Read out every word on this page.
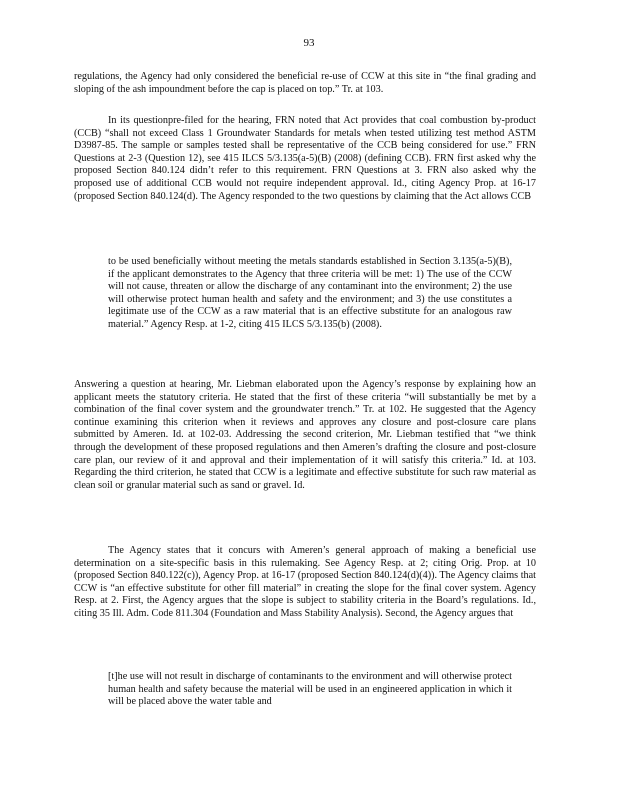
93

regulations, the Agency had only considered the beneficial re-use of CCW at this site in “the final grading and sloping of the ash impoundment before the cap is placed on top.” Tr. at 103.

In its questionpre-filed for the hearing, FRN noted that Act provides that coal combustion by-product (CCB) “shall not exceed Class 1 Groundwater Standards for metals when tested utilizing test method ASTM D3987-85. The sample or samples tested shall be representative of the CCB being considered for use.” FRN Questions at 2-3 (Question 12), see 415 ILCS 5/3.135(a-5)(B) (2008) (defining CCB). FRN first asked why the proposed Section 840.124 didn’t refer to this requirement. FRN Questions at 3. FRN also asked why the proposed use of additional CCB would not require independent approval. Id., citing Agency Prop. at 16-17 (proposed Section 840.124(d). The Agency responded to the two questions by claiming that the Act allows CCB

to be used beneficially without meeting the metals standards established in Section 3.135(a-5)(B), if the applicant demonstrates to the Agency that three criteria will be met: 1) The use of the CCW will not cause, threaten or allow the discharge of any contaminant into the environment; 2) the use will otherwise protect human health and safety and the environment; and 3) the use constitutes a legitimate use of the CCW as a raw material that is an effective substitute for an analogous raw material.” Agency Resp. at 1-2, citing 415 ILCS 5/3.135(b) (2008).

Answering a question at hearing, Mr. Liebman elaborated upon the Agency’s response by explaining how an applicant meets the statutory criteria. He stated that the first of these criteria “will substantially be met by a combination of the final cover system and the groundwater trench.” Tr. at 102. He suggested that the Agency continue examining this criterion when it reviews and approves any closure and post-closure care plans submitted by Ameren. Id. at 102-03. Addressing the second criterion, Mr. Liebman testified that “we think through the development of these proposed regulations and then Ameren’s drafting the closure and post-closure care plan, our review of it and approval and their implementation of it will satisfy this criteria.” Id. at 103. Regarding the third criterion, he stated that CCW is a legitimate and effective substitute for such raw material as clean soil or granular material such as sand or gravel. Id.

The Agency states that it concurs with Ameren’s general approach of making a beneficial use determination on a site-specific basis in this rulemaking. See Agency Resp. at 2; citing Orig. Prop. at 10 (proposed Section 840.122(c)), Agency Prop. at 16-17 (proposed Section 840.124(d)(4)). The Agency claims that CCW is “an effective substitute for other fill material” in creating the slope for the final cover system. Agency Resp. at 2. First, the Agency argues that the slope is subject to stability criteria in the Board’s regulations. Id., citing 35 Ill. Adm. Code 811.304 (Foundation and Mass Stability Analysis). Second, the Agency argues that

[t]he use will not result in discharge of contaminants to the environment and will otherwise protect human health and safety because the material will be used in an engineered application in which it will be placed above the water table and
